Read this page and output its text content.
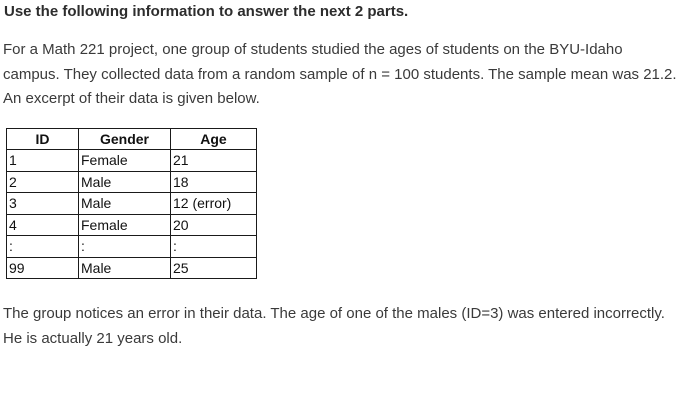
Use the following information to answer the next 2 parts.

For a Math 221 project, one group of students studied the ages of students on the BYU-Idaho campus. They collected data from a random sample of n = 100 students. The sample mean was 21.2. An excerpt of their data is given below.

ID	Gender	Age
1	Female	21
2	Male	18
3	Male	12 (error)
4	Female	20
:	:	:
99	Male	25

The group notices an error in their data. The age of one of the males (ID=3) was entered incorrectly. He is actually 21 years old.
